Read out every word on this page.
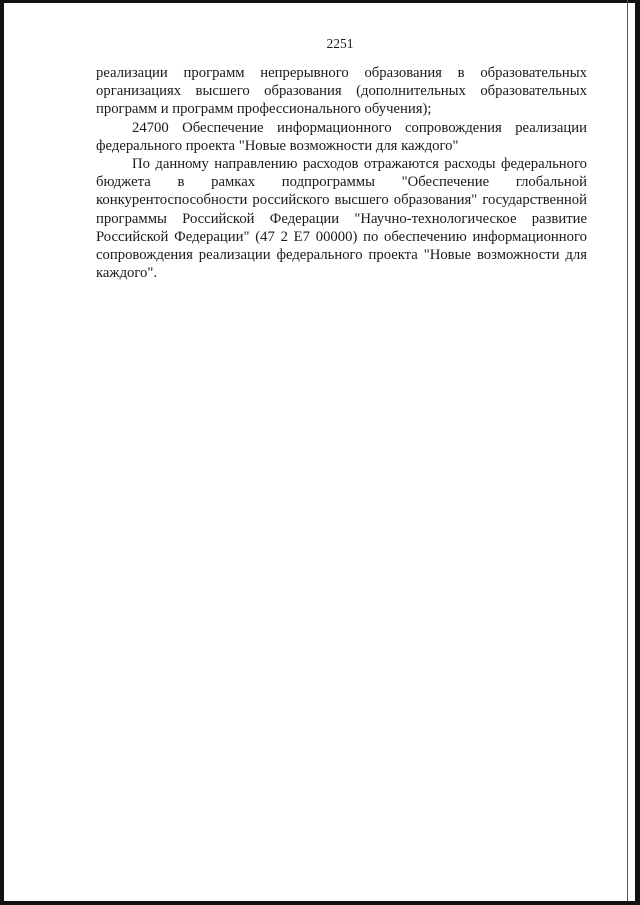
2251

реализации программ непрерывного образования в образовательных организациях высшего образования (дополнительных образовательных программ и программ профессионального обучения);

24700 Обеспечение информационного сопровождения реализации федерального проекта "Новые возможности для каждого"

По данному направлению расходов отражаются расходы федерального бюджета в рамках подпрограммы "Обеспечение глобальной конкурентоспособности российского высшего образования" государственной программы Российской Федерации "Научно-технологическое развитие Российской Федерации" (47 2 Е7 00000) по обеспечению информационного сопровождения реализации федерального проекта "Новые возможности для каждого".
